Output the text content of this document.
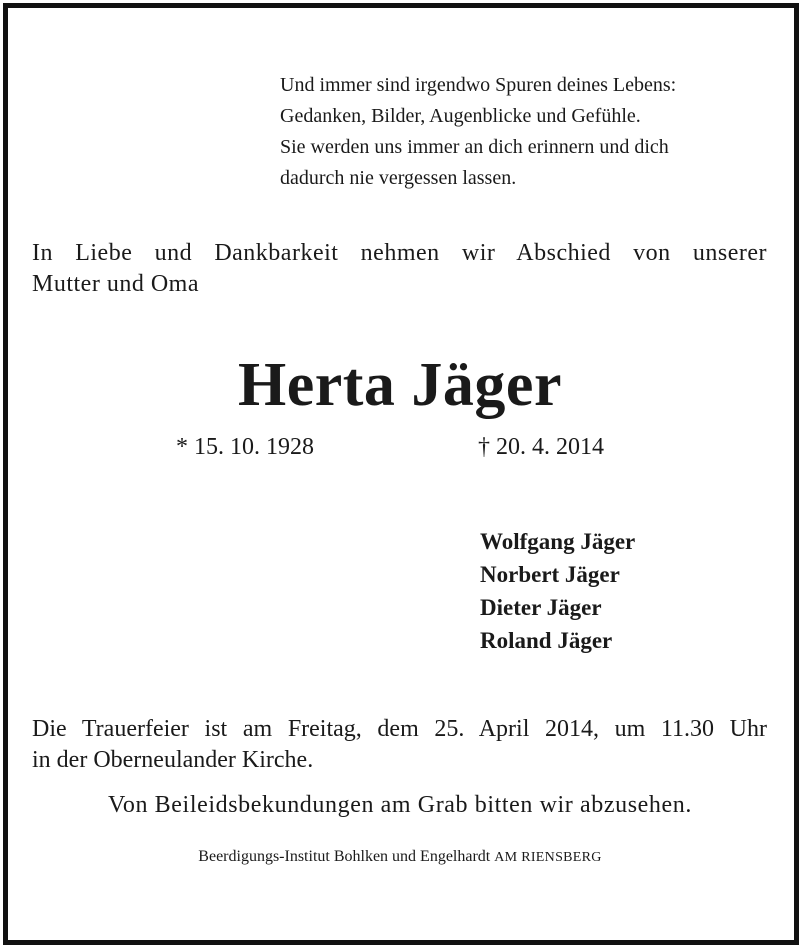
Und immer sind irgendwo Spuren deines Lebens:
Gedanken, Bilder, Augenblicke und Gefühle.
Sie werden uns immer an dich erinnern und dich
dadurch nie vergessen lassen.
In Liebe und Dankbarkeit nehmen wir Abschied von unserer
Mutter und Oma
Herta Jäger
* 15. 10. 1928	† 20. 4. 2014
Wolfgang Jäger
Norbert Jäger
Dieter Jäger
Roland Jäger
Die Trauerfeier ist am Freitag, dem 25. April 2014, um 11.30 Uhr
in der Oberneulander Kirche.
Von Beileidsbekundungen am Grab bitten wir abzusehen.
Beerdigungs-Institut Bohlken und Engelhardt AM RIENSBERG
